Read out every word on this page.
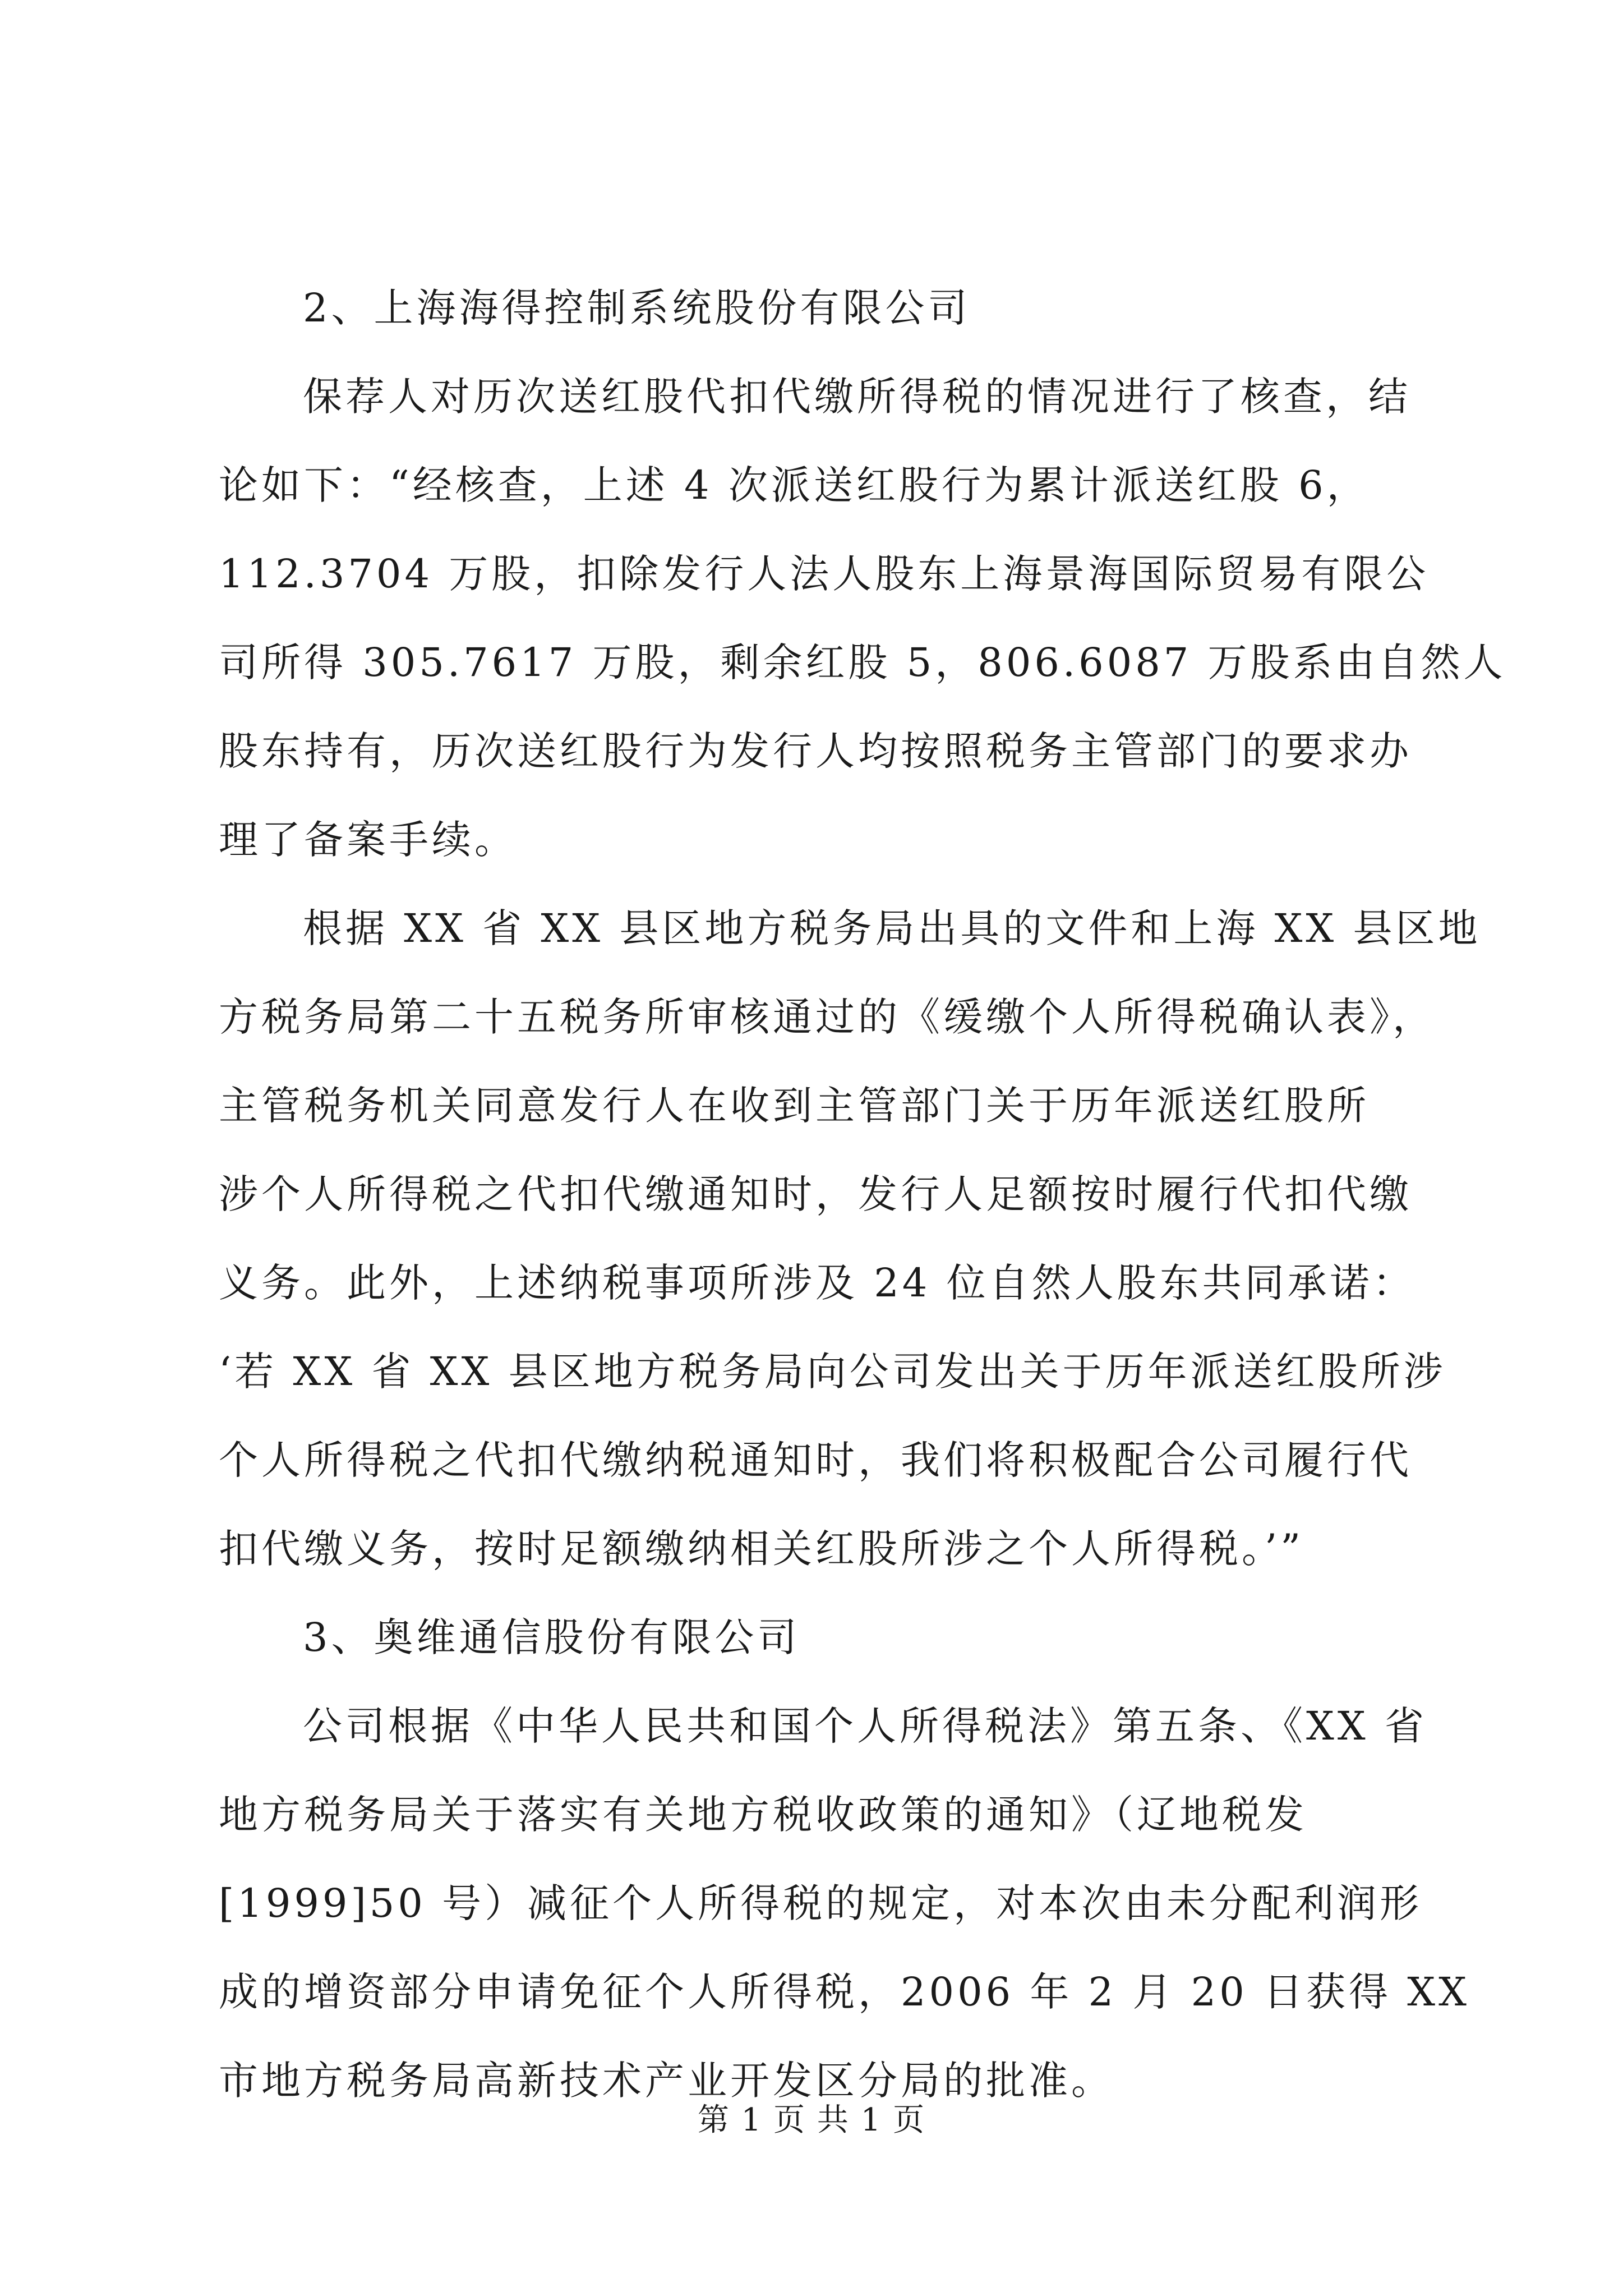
2、上海海得控制系统股份有限公司
保荐人对历次送红股代扣代缴所得税的情况进行了核查，结
论如下：“经核查，上述 4 次派送红股行为累计派送红股 6，
112.3704 万股，扣除发行人法人股东上海景海国际贸易有限公
司所得 305.7617 万股，剩余红股 5，806.6087 万股系由自然人
股东持有，历次送红股行为发行人均按照税务主管部门的要求办
理了备案手续。
根据 XX 省 XX 县区地方税务局出具的文件和上海 XX 县区地
方税务局第二十五税务所审核通过的《缓缴个人所得税确认表》，
主管税务机关同意发行人在收到主管部门关于历年派送红股所
涉个人所得税之代扣代缴通知时，发行人足额按时履行代扣代缴
义务。此外，上述纳税事项所涉及 24 位自然人股东共同承诺：
‘若 XX 省 XX 县区地方税务局向公司发出关于历年派送红股所涉
个人所得税之代扣代缴纳税通知时，我们将积极配合公司履行代
扣代缴义务，按时足额缴纳相关红股所涉之个人所得税。’”
3、奥维通信股份有限公司
公司根据《中华人民共和国个人所得税法》第五条、《XX 省
地方税务局关于落实有关地方税收政策的通知》（辽地税发
[1999]50 号）减征个人所得税的规定，对本次由未分配利润形
成的增资部分申请免征个人所得税，2006 年 2 月 20 日获得 XX
市地方税务局高新技术产业开发区分局的批准。
第 1 页 共 1 页
